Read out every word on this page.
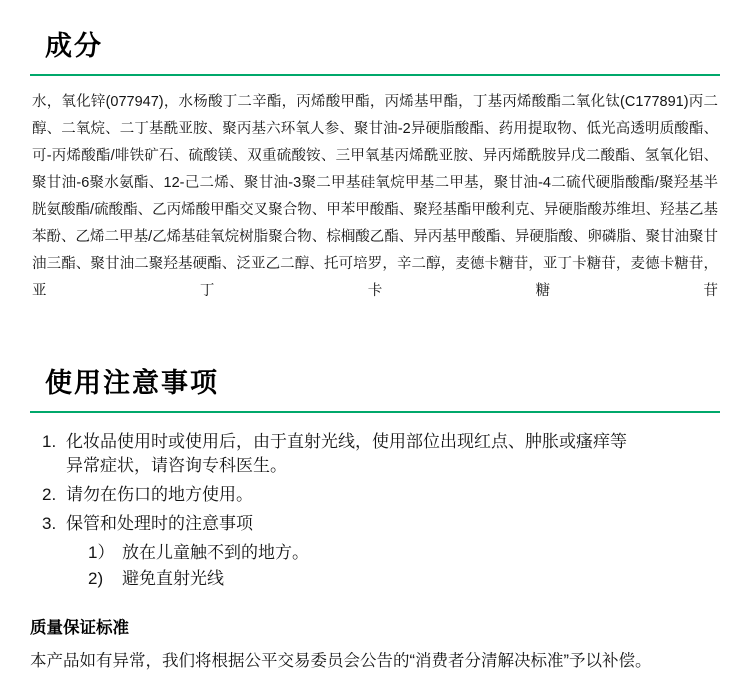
成分

水，氧化锌(077947)，水杨酸丁二辛酯，丙烯酸甲酯，丙烯基甲酯，丁基丙烯酸酯二氧化钛(C177891)丙二醇、二氧烷、二丁基酰亚胺、聚丙基六环氧人参、聚甘油-2异硬脂酸酯、药用提取物、低光高透明质酸酯、可-丙烯酸酯/啡铁矿石、硫酸镁、双重硫酸铵、三甲氧基丙烯酰亚胺、异丙烯酰胺异戊二酸酯、氢氧化铝、聚甘油-6聚水氨酯、12-己二烯、聚甘油-3聚二甲基硅氧烷甲基二甲基，聚甘油-4二硫代硬脂酸酯/聚羟基半胱氨酸酯/硫酸酯、乙丙烯酸甲酯交叉聚合物、甲苯甲酸酯、聚羟基酯甲酸利克、异硬脂酸苏维坦、羟基乙基苯酚、乙烯二甲基/乙烯基硅氧烷树脂聚合物、棕榈酸乙酯、异丙基甲酸酯、异硬脂酸、卵磷脂、聚甘油聚甘油三酯、聚甘油二聚羟基硬酯、泛亚乙二醇、托可培罗，辛二醇，麦德卡糖苷，亚丁卡糖苷，麦德卡糖苷，亚丁卡糖苷

使用注意事项
1. 化妆品使用时或使用后，由于直射光线，使用部位出现红点、肿胀或瘙痒等异常症状，请咨询专科医生。
2. 请勿在伤口的地方使用。
3. 保管和处理时的注意事项
1） 放在儿童触不到的地方。
2)	避免直射光线
质量保证标准

本产品如有异常，我们将根据公平交易委员会公告的“消费者分清解决标准”予以补偿。
